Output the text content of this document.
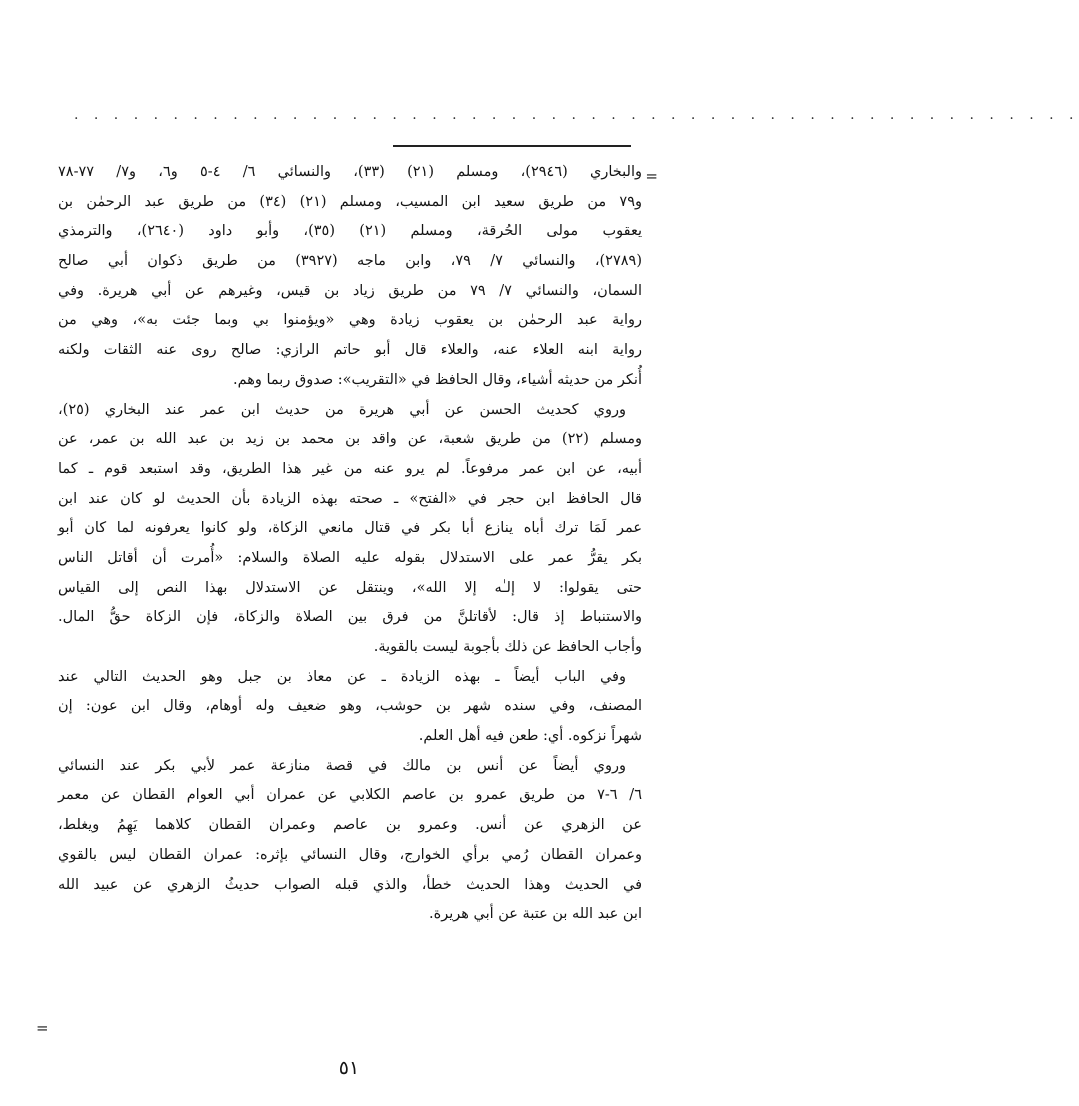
. . . . . . . . . . . . . . . . . . . . . . . . . . . . . . . . . . . . . . . . . . . . . . . . . . .
=
والبخاري (٢٩٤٦)، ومسلم (٢١) (٣٣)، والنسائي ٦/ ٤-٥ و٦، و٧/ ٧٧-٧٨
و٧٩ من طريق سعيد ابن المسيب، ومسلم (٢١) (٣٤) من طريق عبد الرحمٰن بن
يعقوب مولى الحُرقة، ومسلم (٢١) (٣٥)، وأبو داود (٢٦٤٠)، والترمذي
(٢٧٨٩)، والنسائي ٧/ ٧٩، وابن ماجه (٣٩٢٧) من طريق ذكوان أبي صالح
السمان، والنسائي ٧/ ٧٩ من طريق زياد بن قيس، وغيرهم عن أبي هريرة. وفي
رواية عبد الرحمٰن بن يعقوب زيادة وهي «ويؤمنوا بي وبما جئت به»، وهي من
رواية ابنه العلاء عنه، والعلاء قال أبو حاتم الرازي: صالح روى عنه الثقات ولكنه
أُنكر من حديثه أشياء، وقال الحافظ في «التقريب»: صدوق ربما وهم.
وروي كحديث الحسن عن أبي هريرة من حديث ابن عمر عند البخاري (٢٥)،
ومسلم (٢٢) من طريق شعبة، عن واقد بن محمد بن زيد بن عبد الله بن عمر، عن
أبيه، عن ابن عمر مرفوعاً. لم يرو عنه من غير هذا الطريق، وقد استبعد قوم ـ كما
قال الحافظ ابن حجر في «الفتح» ـ صحته بهذه الزيادة بأن الحديث لو كان عند ابن
عمر لَمَا ترك أباه ينازع أبا بكر في قتال مانعي الزكاة، ولو كانوا يعرفونه لما كان أبو
بكر يقرُّ عمر على الاستدلال بقوله عليه الصلاة والسلام: «أُمرت أن أقاتل الناس
حتى يقولوا: لا إلـٰه إلا الله»، وينتقل عن الاستدلال بهذا النص إلى القياس
والاستنباط إذ قال: لأقاتلنَّ من فرق بين الصلاة والزكاة، فإن الزكاة حقُّ المال.
وأجاب الحافظ عن ذلك بأجوبة ليست بالقوية.
وفي الباب أيضاً ـ بهذه الزيادة ـ عن معاذ بن جبل وهو الحديث التالي عند
المصنف، وفي سنده شهر بن حوشب، وهو ضعيف وله أوهام، وقال ابن عون: إن
شهراً نزكوه. أي: طعن فيه أهل العلم.
وروي أيضاً عن أنس بن مالك في قصة منازعة عمر لأبي بكر عند النسائي
٦/ ٦-٧ من طريق عمرو بن عاصم الكلابي عن عمران أبي العوام القطان عن معمر
عن الزهري عن أنس. وعمرو بن عاصم وعمران القطان كلاهما يَهِمُ ويغلط،
وعمران القطان رُمي برأي الخوارج، وقال النسائي بإثره: عمران القطان ليس بالقوي
في الحديث وهذا الحديث خطأ، والذي قبله الصواب حديثُ الزهري عن عبيد الله
ابن عبد الله بن عتبة عن أبي هريرة.
=
٥١
